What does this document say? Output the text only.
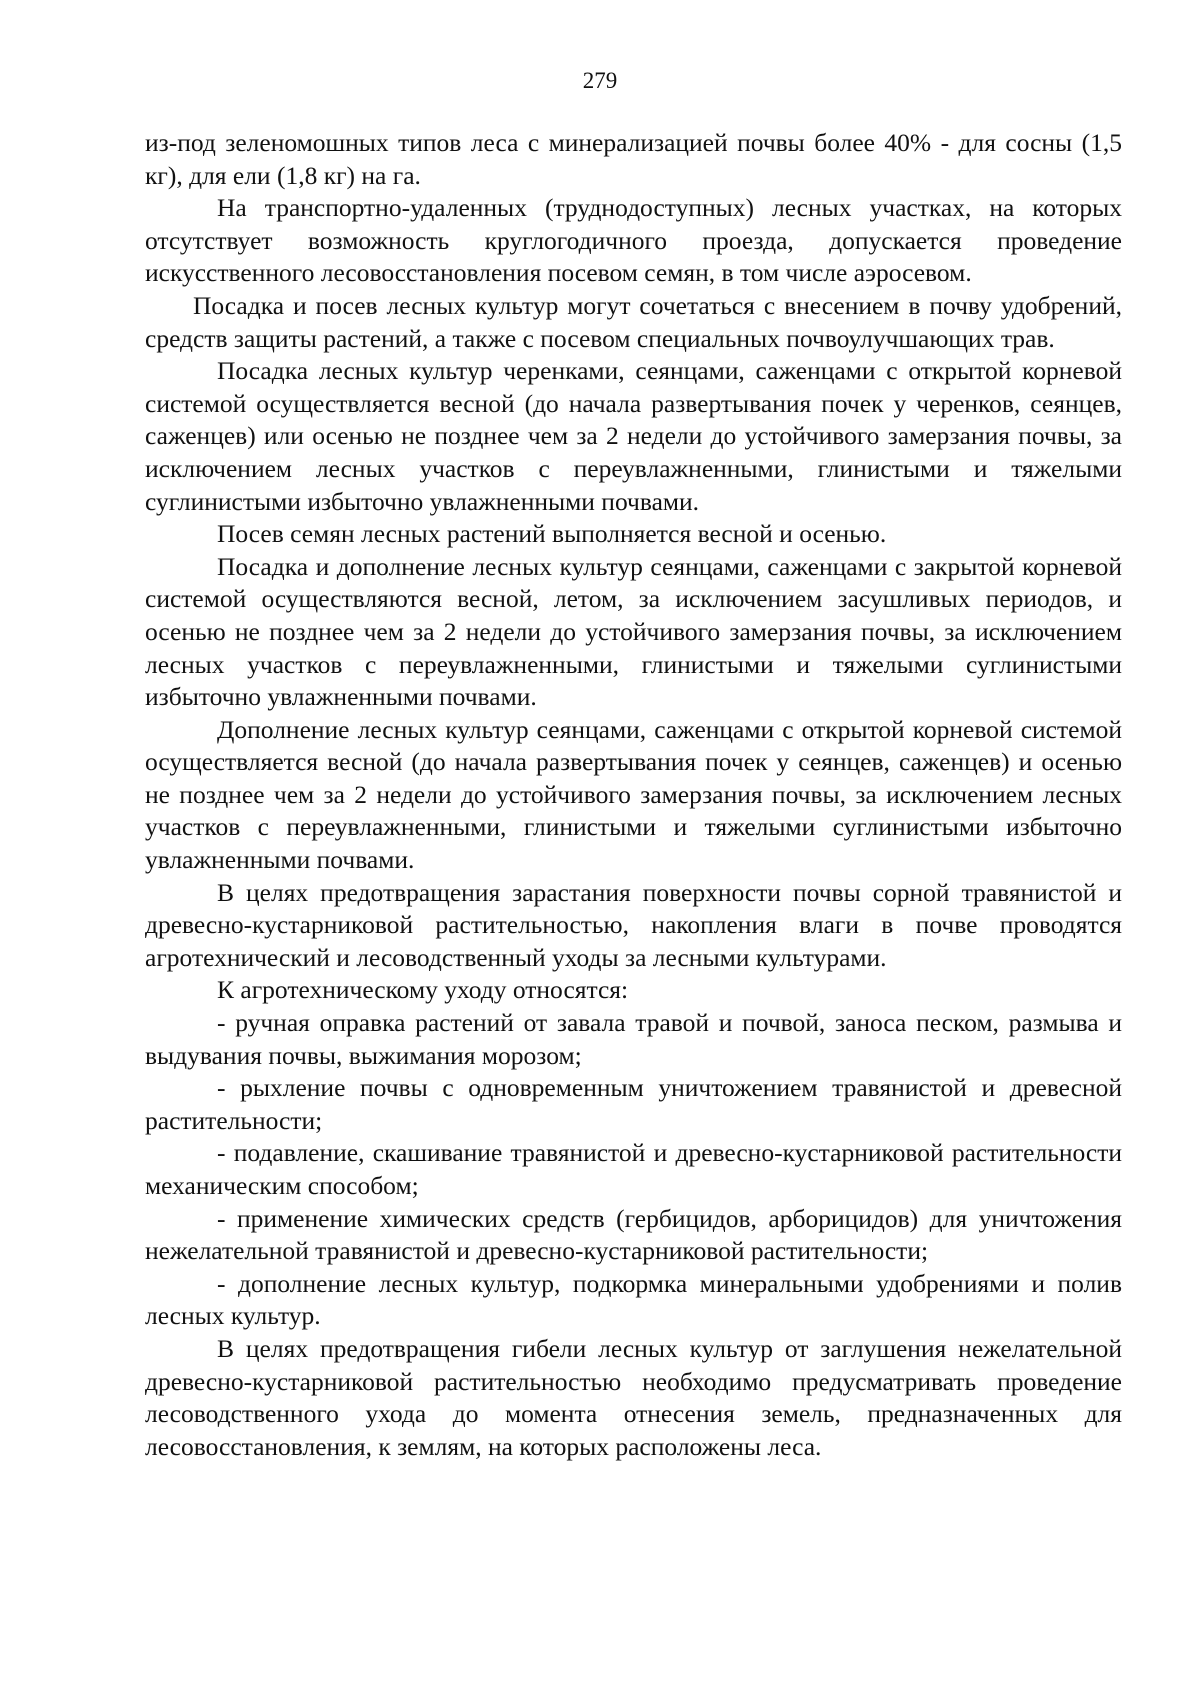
279

из-под зеленомошных типов леса с минерализацией почвы более 40% - для сосны (1,5 кг), для ели (1,8 кг) на га.

На транспортно-удаленных (труднодоступных) лесных участках, на которых отсутствует возможность круглогодичного проезда, допускается проведение искусственного лесовосстановления посевом семян, в том числе аэросевом.

Посадка и посев лесных культур могут сочетаться с внесением в почву удобрений, средств защиты растений, а также с посевом специальных почвоулучшающих трав.

Посадка лесных культур черенками, сеянцами, саженцами с открытой корневой системой осуществляется весной (до начала развертывания почек у черенков, сеянцев, саженцев) или осенью не позднее чем за 2 недели до устойчивого замерзания почвы, за исключением лесных участков с переувлажненными, глинистыми и тяжелыми суглинистыми избыточно увлажненными почвами.

Посев семян лесных растений выполняется весной и осенью.

Посадка и дополнение лесных культур сеянцами, саженцами с закрытой корневой системой осуществляются весной, летом, за исключением засушливых периодов, и осенью не позднее чем за 2 недели до устойчивого замерзания почвы, за исключением лесных участков с переувлажненными, глинистыми и тяжелыми суглинистыми избыточно увлажненными почвами.

Дополнение лесных культур сеянцами, саженцами с открытой корневой системой осуществляется весной (до начала развертывания почек у сеянцев, саженцев) и осенью не позднее чем за 2 недели до устойчивого замерзания почвы, за исключением лесных участков с переувлажненными, глинистыми и тяжелыми суглинистыми избыточно увлажненными почвами.

В целях предотвращения зарастания поверхности почвы сорной травянистой и древесно-кустарниковой растительностью, накопления влаги в почве проводятся агротехнический и лесоводственный уходы за лесными культурами.

К агротехническому уходу относятся:

- ручная оправка растений от завала травой и почвой, заноса песком, размыва и выдувания почвы, выжимания морозом;

- рыхление почвы с одновременным уничтожением травянистой и древесной растительности;

- подавление, скашивание травянистой и древесно-кустарниковой растительности механическим способом;

- применение химических средств (гербицидов, арборицидов) для уничтожения нежелательной травянистой и древесно-кустарниковой растительности;

- дополнение лесных культур, подкормка минеральными удобрениями и полив лесных культур.

В целях предотвращения гибели лесных культур от заглушения нежелательной древесно-кустарниковой растительностью необходимо предусматривать проведение лесоводственного ухода до момента отнесения земель, предназначенных для лесовосстановления, к землям, на которых расположены леса.
